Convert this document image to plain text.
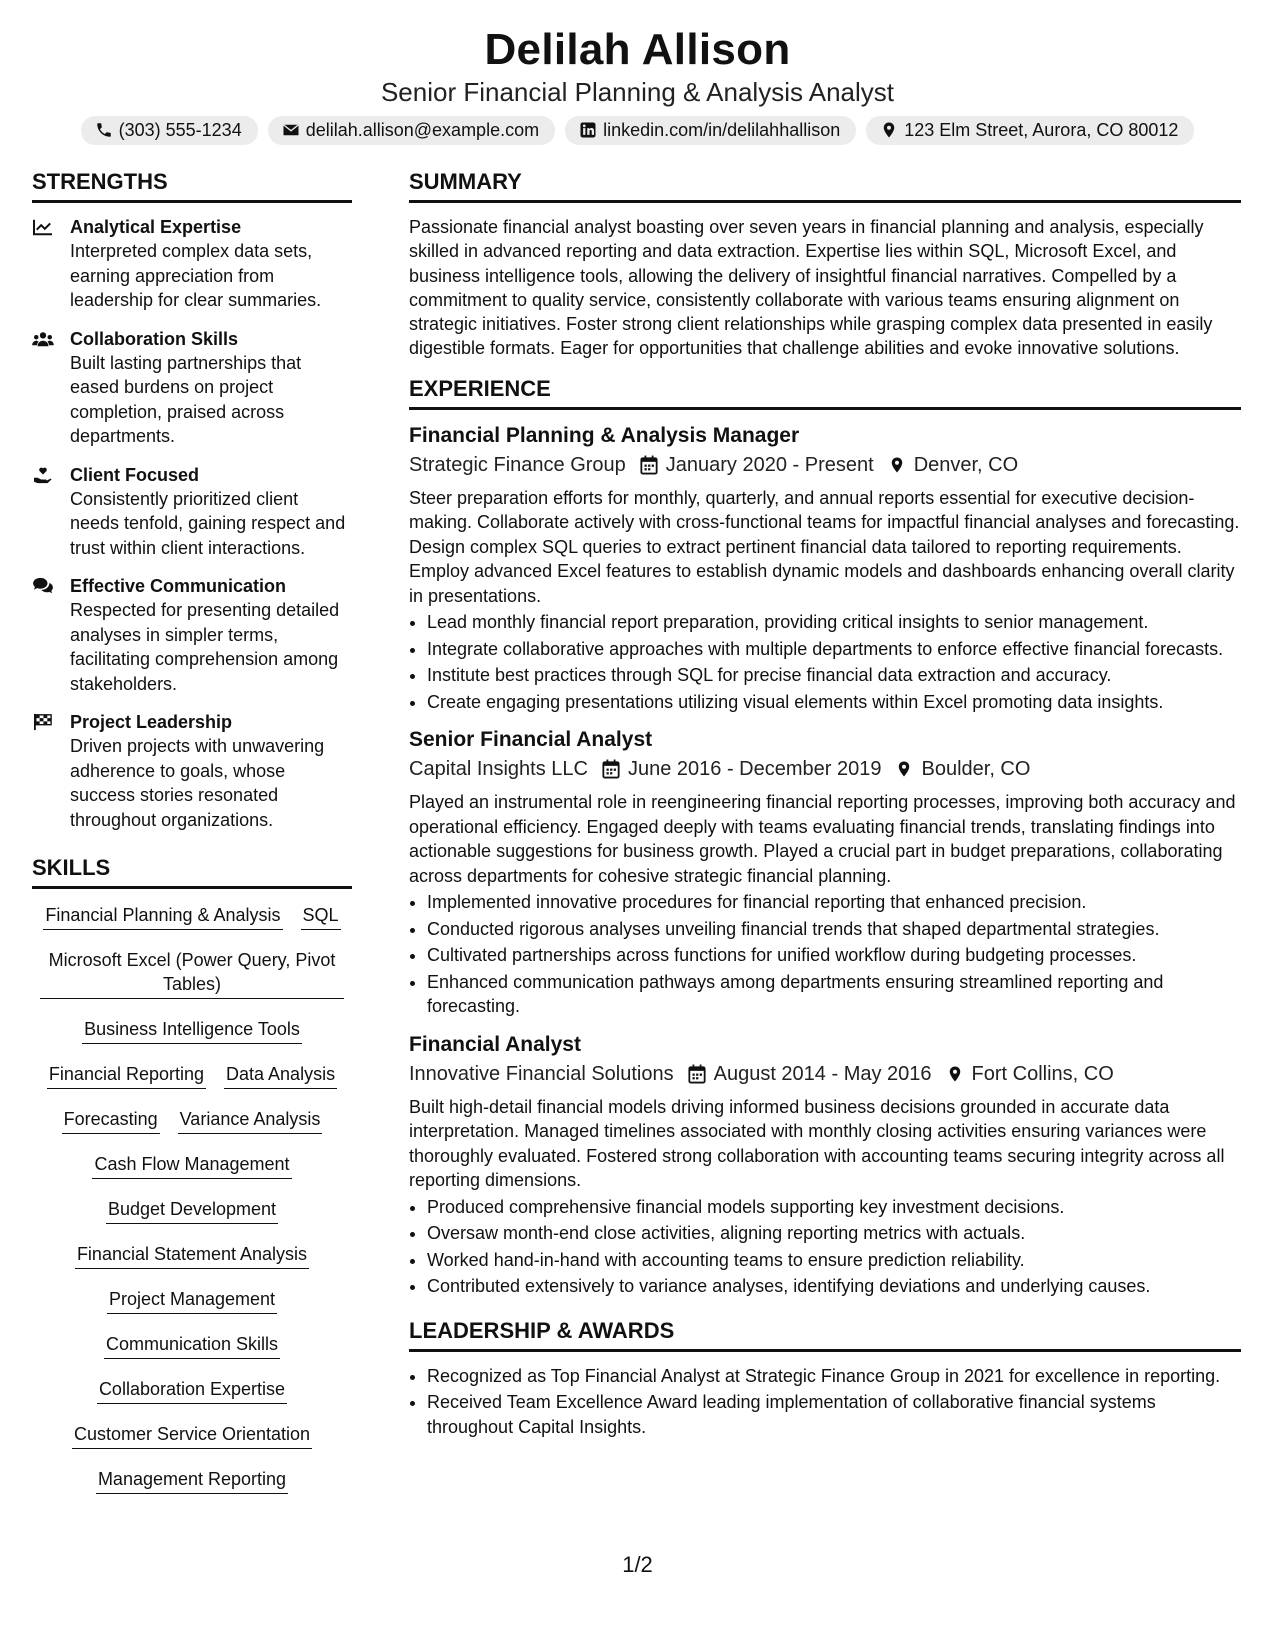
Delilah Allison
Senior Financial Planning & Analysis Analyst
(303) 555-1234	delilah.allison@example.com	linkedin.com/in/delilahhallison	123 Elm Street, Aurora, CO 80012
STRENGTHS
Analytical Expertise
Interpreted complex data sets, earning appreciation from leadership for clear summaries.
Collaboration Skills
Built lasting partnerships that eased burdens on project completion, praised across departments.
Client Focused
Consistently prioritized client needs tenfold, gaining respect and trust within client interactions.
Effective Communication
Respected for presenting detailed analyses in simpler terms, facilitating comprehension among stakeholders.
Project Leadership
Driven projects with unwavering adherence to goals, whose success stories resonated throughout organizations.
SKILLS
Financial Planning & Analysis SQL
Microsoft Excel (Power Query, Pivot Tables)
Business Intelligence Tools
Financial Reporting Data Analysis
Forecasting Variance Analysis
Cash Flow Management
Budget Development
Financial Statement Analysis
Project Management
Communication Skills
Collaboration Expertise
Customer Service Orientation
Management Reporting
SUMMARY

Passionate financial analyst boasting over seven years in financial planning and analysis, especially skilled in advanced reporting and data extraction. Expertise lies within SQL, Microsoft Excel, and business intelligence tools, allowing the delivery of insightful financial narratives. Compelled by a commitment to quality service, consistently collaborate with various teams ensuring alignment on strategic initiatives. Foster strong client relationships while grasping complex data presented in easily digestible formats. Eager for opportunities that challenge abilities and evoke innovative solutions.

EXPERIENCE
Financial Planning & Analysis Manager
Strategic Finance Group January 2020 - Present Denver, CO
Steer preparation efforts for monthly, quarterly, and annual reports essential for executive decision-making. Collaborate actively with cross-functional teams for impactful financial analyses and forecasting. Design complex SQL queries to extract pertinent financial data tailored to reporting requirements. Employ advanced Excel features to establish dynamic models and dashboards enhancing overall clarity in presentations.
• Lead monthly financial report preparation, providing critical insights to senior management.
• Integrate collaborative approaches with multiple departments to enforce effective financial forecasts.
• Institute best practices through SQL for precise financial data extraction and accuracy.
• Create engaging presentations utilizing visual elements within Excel promoting data insights.
Senior Financial Analyst
Capital Insights LLC June 2016 - December 2019 Boulder, CO
Played an instrumental role in reengineering financial reporting processes, improving both accuracy and operational efficiency. Engaged deeply with teams evaluating financial trends, translating findings into actionable suggestions for business growth. Played a crucial part in budget preparations, collaborating across departments for cohesive strategic financial planning.
• Implemented innovative procedures for financial reporting that enhanced precision.
• Conducted rigorous analyses unveiling financial trends that shaped departmental strategies.
• Cultivated partnerships across functions for unified workflow during budgeting processes.
• Enhanced communication pathways among departments ensuring streamlined reporting and forecasting.
Financial Analyst
Innovative Financial Solutions August 2014 - May 2016 Fort Collins, CO
Built high-detail financial models driving informed business decisions grounded in accurate data interpretation. Managed timelines associated with monthly closing activities ensuring variances were thoroughly evaluated. Fostered strong collaboration with accounting teams securing integrity across all reporting dimensions.
• Produced comprehensive financial models supporting key investment decisions.
• Oversaw month-end close activities, aligning reporting metrics with actuals.
• Worked hand-in-hand with accounting teams to ensure prediction reliability.
• Contributed extensively to variance analyses, identifying deviations and underlying causes.
LEADERSHIP & AWARDS
• Recognized as Top Financial Analyst at Strategic Finance Group in 2021 for excellence in reporting.
• Received Team Excellence Award leading implementation of collaborative financial systems throughout Capital Insights.
1/2
